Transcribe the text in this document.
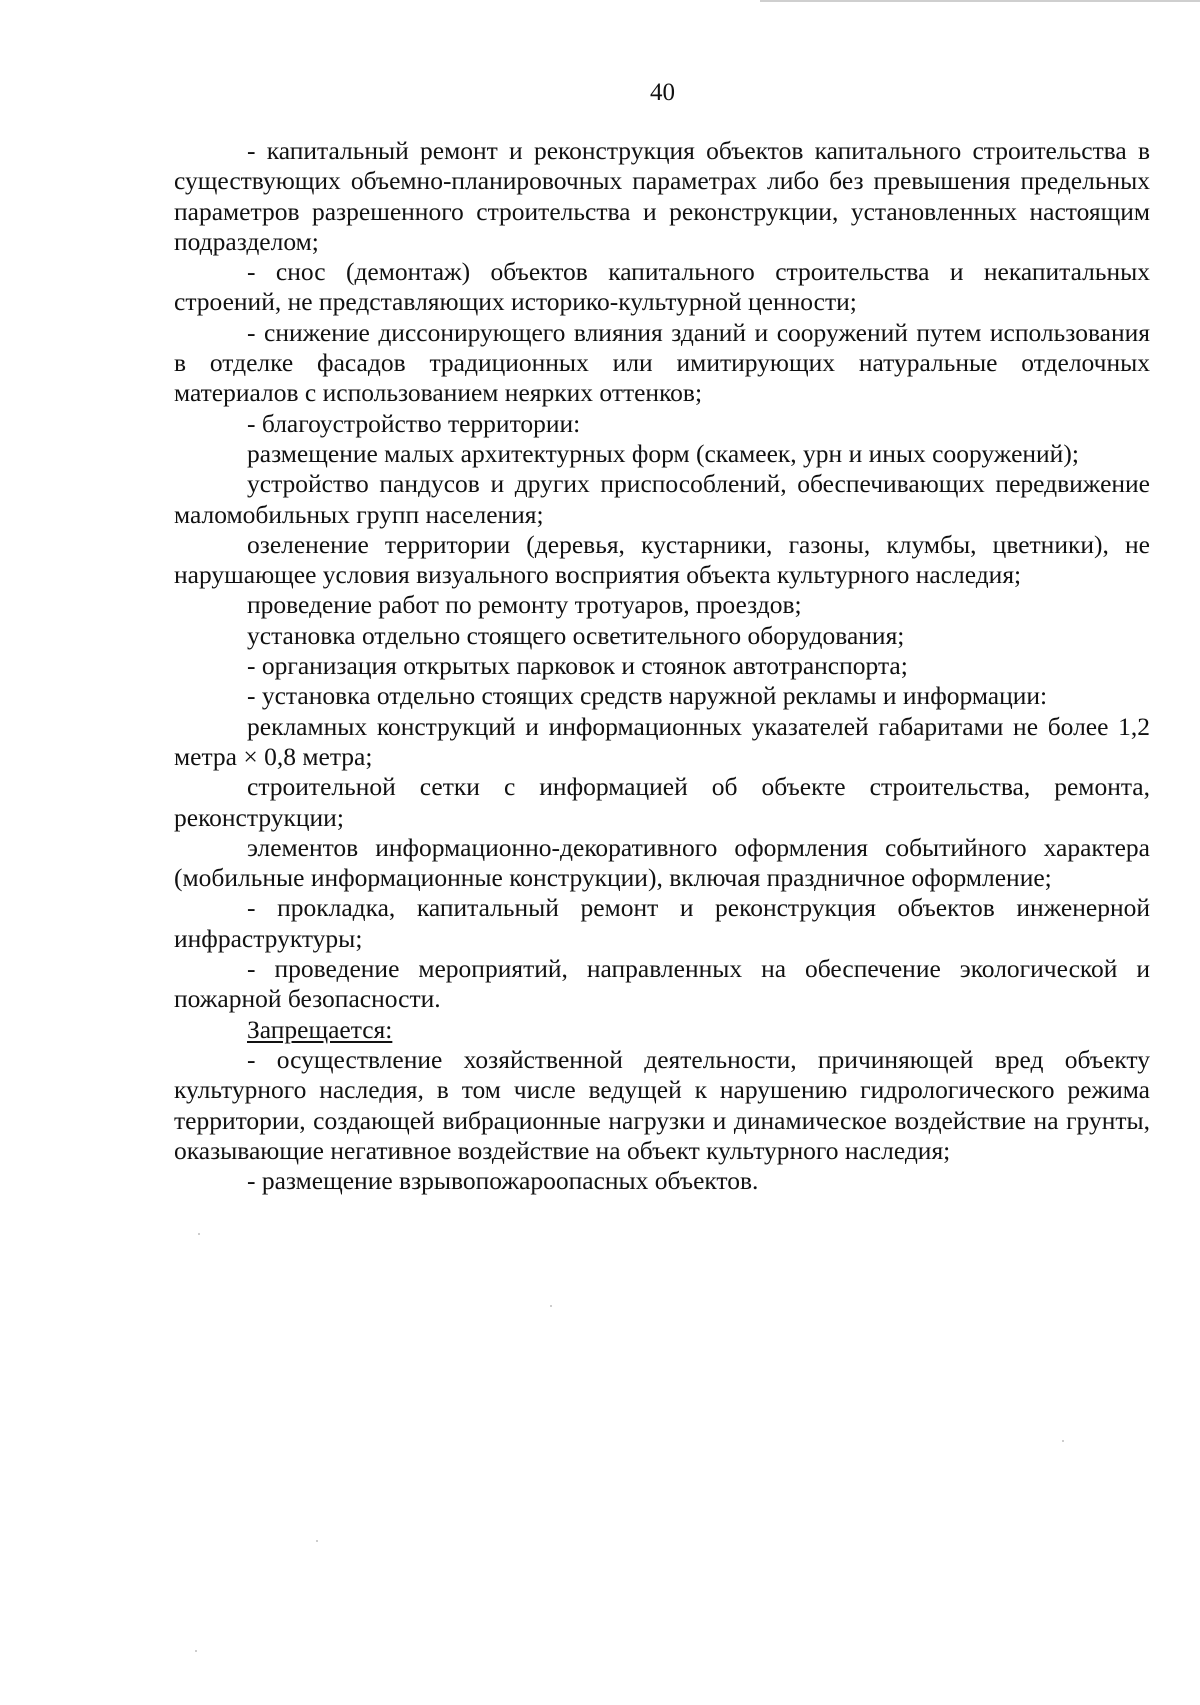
40

- капитальный ремонт и реконструкция объектов капитального строительства в существующих объемно-планировочных параметрах либо без превышения предельных параметров разрешенного строительства и реконструкции, установленных настоящим подразделом;

- снос (демонтаж) объектов капитального строительства и некапитальных строений, не представляющих историко-культурной ценности;

- снижение диссонирующего влияния зданий и сооружений путем использования в отделке фасадов традиционных или имитирующих натуральные отделочных материалов с использованием неярких оттенков;

- благоустройство территории:

размещение малых архитектурных форм (скамеек, урн и иных сооружений);

устройство пандусов и других приспособлений, обеспечивающих передвижение маломобильных групп населения;

озеленение территории (деревья, кустарники, газоны, клумбы, цветники), не нарушающее условия визуального восприятия объекта культурного наследия;

проведение работ по ремонту тротуаров, проездов;

установка отдельно стоящего осветительного оборудования;

- организация открытых парковок и стоянок автотранспорта;

- установка отдельно стоящих средств наружной рекламы и информации:

рекламных конструкций и информационных указателей габаритами не более 1,2 метра × 0,8 метра;

строительной сетки с информацией об объекте строительства, ремонта, реконструкции;

элементов информационно-декоративного оформления событийного характера (мобильные информационные конструкции), включая праздничное оформление;

- прокладка, капитальный ремонт и реконструкция объектов инженерной инфраструктуры;

- проведение мероприятий, направленных на обеспечение экологической и пожарной безопасности.

Запрещается:

- осуществление хозяйственной деятельности, причиняющей вред объекту культурного наследия, в том числе ведущей к нарушению гидрологического режима территории, создающей вибрационные нагрузки и динамическое воздействие на грунты, оказывающие негативное воздействие на объект культурного наследия;

- размещение взрывопожароопасных объектов.
